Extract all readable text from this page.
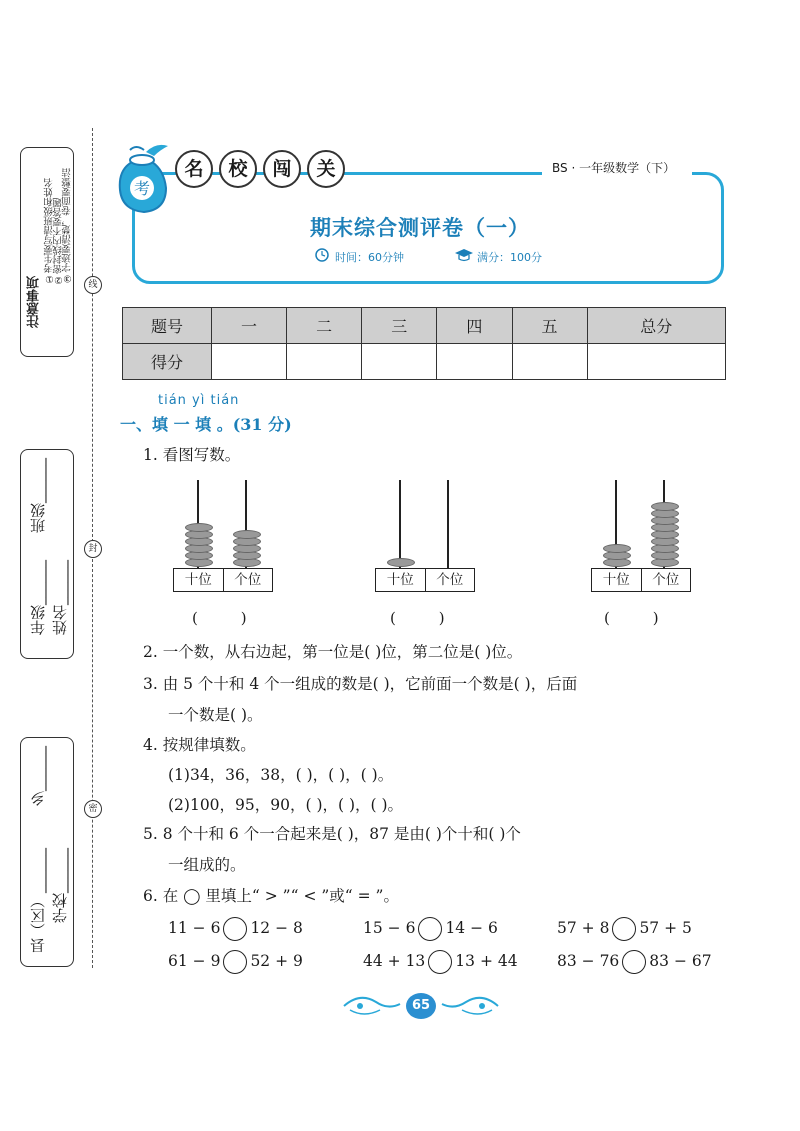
注意事项
①考生要写清班级和姓名
②密封线内不要答题
③字迹要清楚，卷面要整洁
年级______
班级______
姓名______
县（区）______
乡______
学校______
线
封
密
BS · 一年级数学（下）
考
名	校	闯	关
期末综合测评卷（一）
时间：60分钟	满分：100分
题号	一	二	三	四	五	总分
得分						
tián yì tián
一、填 一 填 。(31 分)
1. 看图写数。
十位	个位
(         )
十位	个位
(         )
十位	个位
(         )
2. 一个数，从右边起，第一位是( )位，第二位是( )位。
3. 由 5 个十和 4 个一组成的数是( )，它前面一个数是( )，后面
一个数是( )。
4. 按规律填数。
(1)34，36，38，( )，( )，( )。
(2)100，95，90，( )，( )，( )。
5. 8 个十和 6 个一合起来是( )，87 是由( )个十和( )个
一组成的。
6. 在 ◯ 里填上“ > ”“ < ”或“ = ”。
11 − 6 12 − 8	15 − 6 14 − 6	57 + 8 57 + 5
61 − 9 52 + 9	44 + 13 13 + 44	83 − 76 83 − 67
65
